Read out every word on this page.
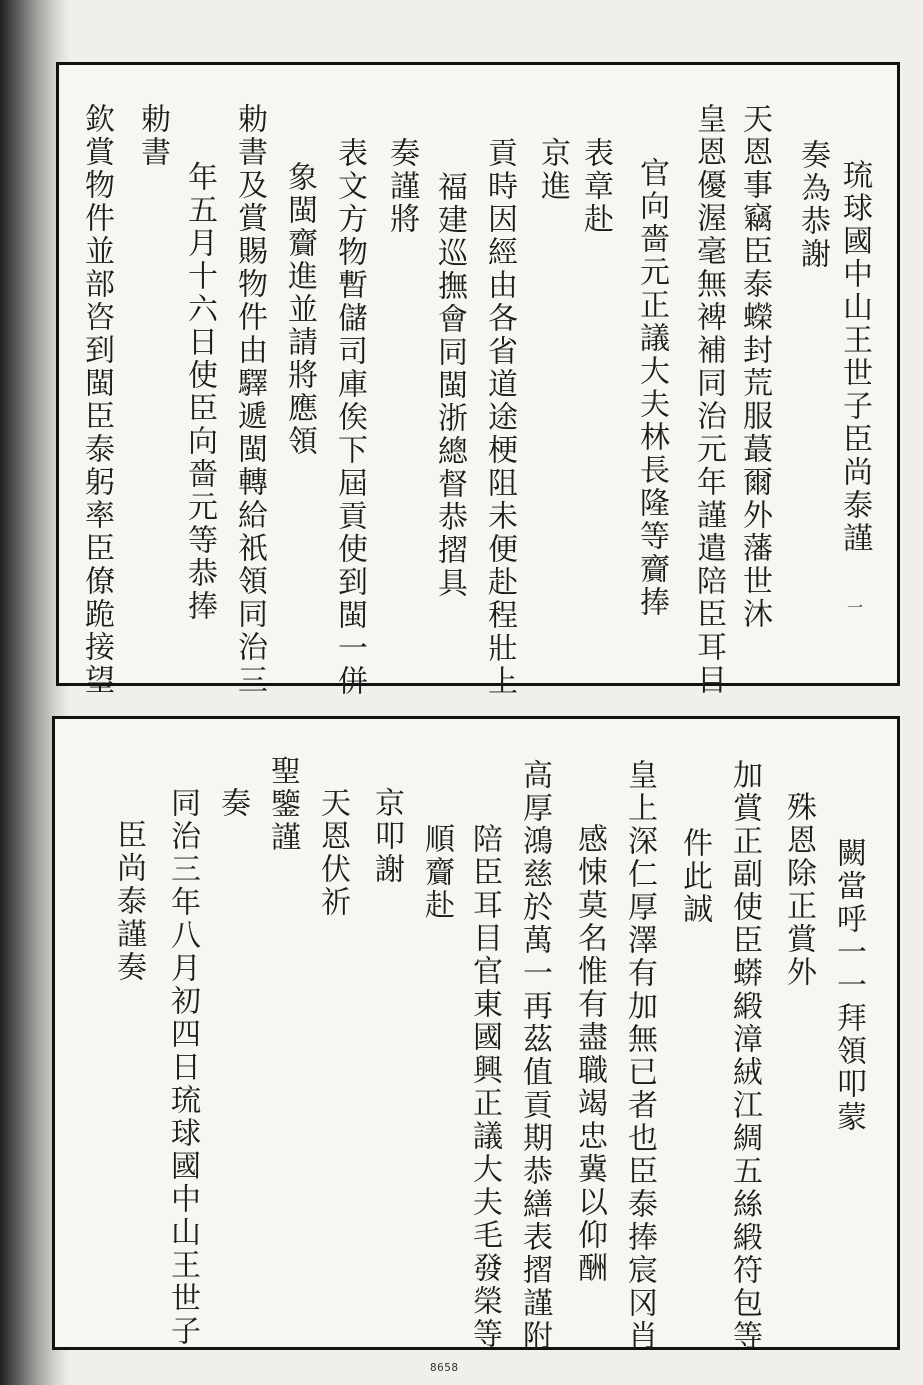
一
琉球國中山王世子臣尚泰謹
奏為恭謝
天恩事竊臣泰蠑封荒服蕞爾外藩世沐
皇恩優渥毫無裨補同治元年謹遣陪臣耳目
官向嗇元正議大夫林長隆等齎捧
表章赴
京進
貢時因經由各省道途梗阻未便赴程壯上
福建巡撫會同閩浙總督恭摺具
奏謹將
表文方物暫儲司庫俟下屆貢使到閩一併
象閩齎進並請將應領
勅書及賞賜物件由驛遞閩轉給祇領同治三
年五月十六日使臣向嗇元等恭捧
勅書
欽賞物件並部咨到閩臣泰躬率臣僚跪接望
闕當呼一一拜領叩蒙
殊恩除正賞外
加賞正副使臣蟒緞漳絨江綢五絲緞符包等
件此誠
皇上深仁厚澤有加無已者也臣泰捧宸冈肖
感悚莫名惟有盡職竭忠冀以仰酬
高厚鴻慈於萬一再茲值貢期恭繕表摺謹附
陪臣耳目官東國興正議大夫毛發榮等
順齎赴
京叩謝
天恩伏祈
聖鑒謹
奏
同治三年八月初四日琉球國中山王世子
臣尚泰謹奏
8658
